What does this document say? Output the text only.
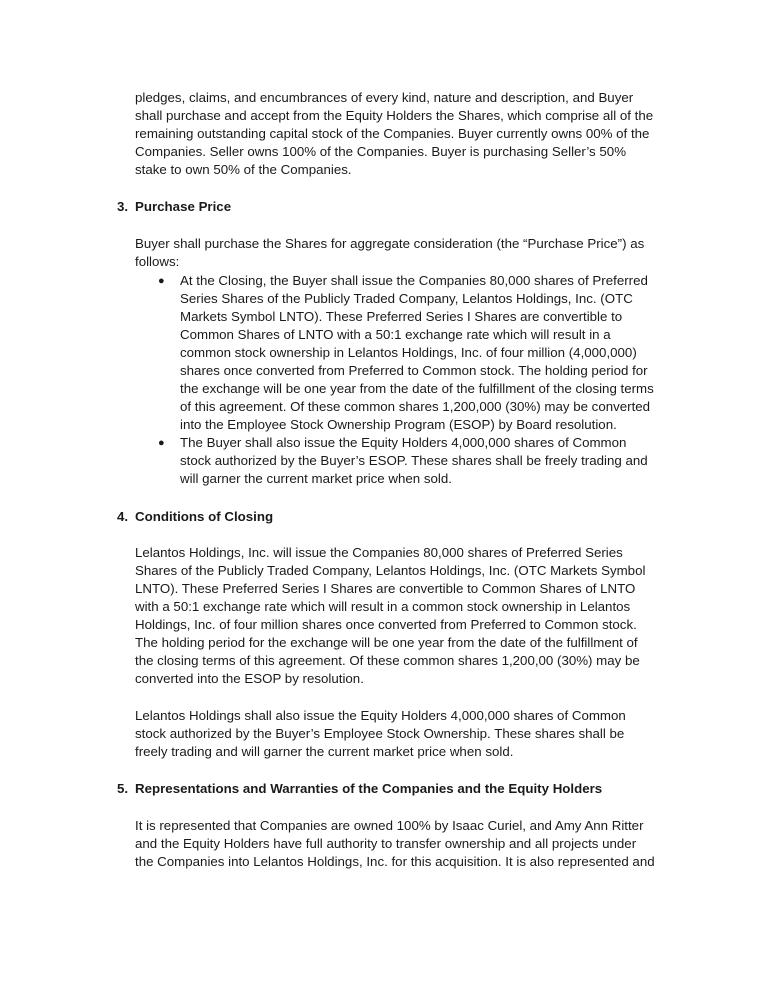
pledges, claims, and encumbrances of every kind, nature and description, and Buyer
shall purchase and accept from the Equity Holders the Shares, which comprise all of the
remaining outstanding capital stock of the Companies. Buyer currently owns 00% of the
Companies. Seller owns 100% of the Companies. Buyer is purchasing Seller’s 50%
stake to own 50% of the Companies.
3. Purchase Price
Buyer shall purchase the Shares for aggregate consideration (the “Purchase Price”) as
follows:
●	At the Closing, the Buyer shall issue the Companies 80,000 shares of Preferred
Series Shares of the Publicly Traded Company, Lelantos Holdings, Inc. (OTC
Markets Symbol LNTO). These Preferred Series I Shares are convertible to
Common Shares of LNTO with a 50:1 exchange rate which will result in a
common stock ownership in Lelantos Holdings, Inc. of four million (4,000,000)
shares once converted from Preferred to Common stock. The holding period for
the exchange will be one year from the date of the fulfillment of the closing terms
of this agreement. Of these common shares 1,200,000 (30%) may be converted
into the Employee Stock Ownership Program (ESOP) by Board resolution.
●	The Buyer shall also issue the Equity Holders 4,000,000 shares of Common
stock authorized by the Buyer’s ESOP. These shares shall be freely trading and
will garner the current market price when sold.
4. Conditions of Closing
Lelantos Holdings, Inc. will issue the Companies 80,000 shares of Preferred Series
Shares of the Publicly Traded Company, Lelantos Holdings, Inc. (OTC Markets Symbol
LNTO). These Preferred Series I Shares are convertible to Common Shares of LNTO
with a 50:1 exchange rate which will result in a common stock ownership in Lelantos
Holdings, Inc. of four million shares once converted from Preferred to Common stock.
The holding period for the exchange will be one year from the date of the fulfillment of
the closing terms of this agreement. Of these common shares 1,200,00 (30%) may be
converted into the ESOP by resolution.
Lelantos Holdings shall also issue the Equity Holders 4,000,000 shares of Common
stock authorized by the Buyer’s Employee Stock Ownership. These shares shall be
freely trading and will garner the current market price when sold.
5. Representations and Warranties of the Companies and the Equity Holders
It is represented that Companies are owned 100% by Isaac Curiel, and Amy Ann Ritter
and the Equity Holders have full authority to transfer ownership and all projects under
the Companies into Lelantos Holdings, Inc. for this acquisition. It is also represented and
